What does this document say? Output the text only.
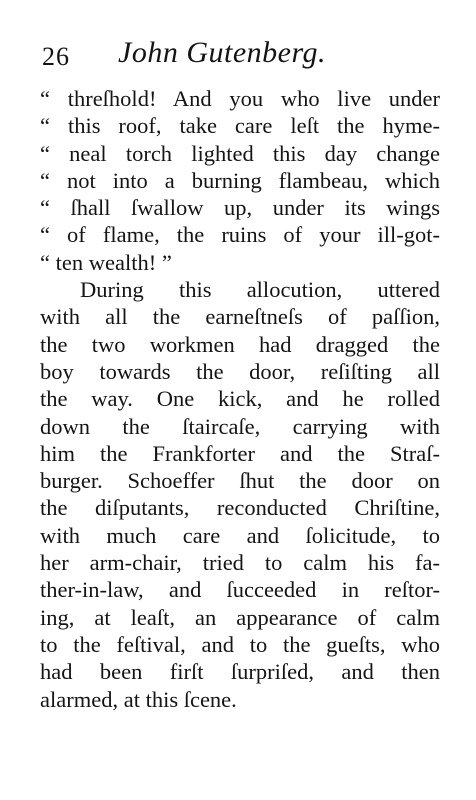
26 John Gutenberg.
“ threſhold! And you who live under
“ this roof, take care leſt the hyme-
“ neal torch lighted this day change
“ not into a burning flambeau, which
“ ſhall ſwallow up, under its wings
“ of flame, the ruins of your ill-got-
“ ten wealth! ”
During this allocution, uttered
with all the earneſtneſs of paſſion,
the two workmen had dragged the
boy towards the door, reſiſting all
the way. One kick, and he rolled
down the ſtaircaſe, carrying with
him the Frankforter and the Straſ-
burger. Schoeffer ſhut the door on
the diſputants, reconducted Chriſtine,
with much care and ſolicitude, to
her arm-chair, tried to calm his fa-
ther-in-law, and ſucceeded in reſtor-
ing, at leaſt, an appearance of calm
to the feſtival, and to the gueſts, who
had been firſt ſurpriſed, and then
alarmed, at this ſcene.
